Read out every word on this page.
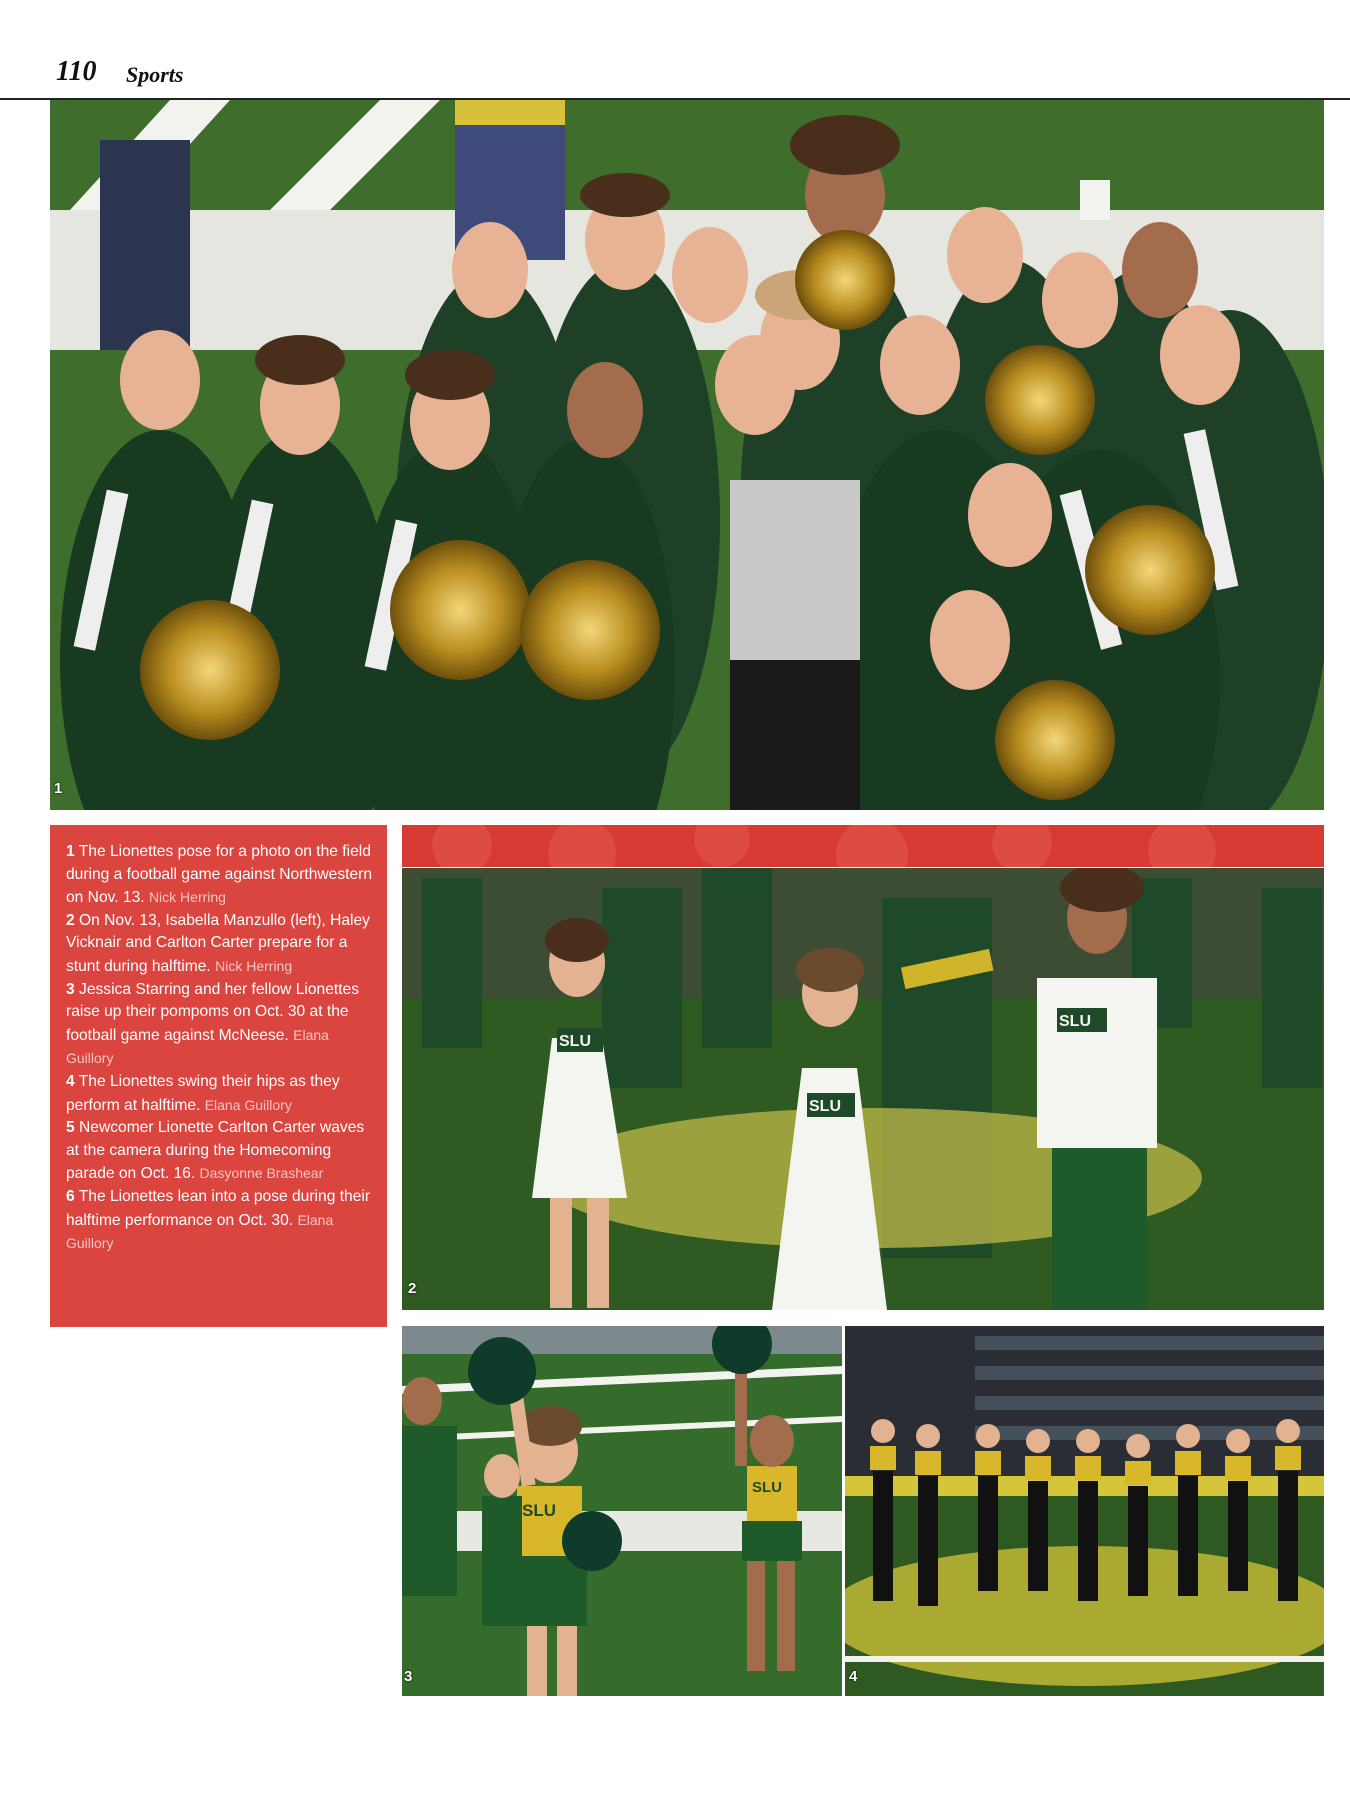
110 Sports
1

1 The Lionettes pose for a photo on the field during a football game against Northwestern on Nov. 13. Nick Herring

2 On Nov. 13, Isabella Manzullo (left), Haley Vicknair and Carlton Carter prepare for a stunt during halftime. Nick Herring

3 Jessica Starring and her fellow Lionettes raise up their pompoms on Oct. 30 at the football game against McNeese. Elana Guillory

4 The Lionettes swing their hips as they perform at halftime. Elana Guillory

5 Newcomer Lionette Carlton Carter waves at the camera during the Homecoming parade on Oct. 16. Dasyonne Brashear

6 The Lionettes lean into a pose during their halftime performance on Oct. 30. Elana Guillory

SLU
SLU
SLU
2
SLU
SLU
3	4
